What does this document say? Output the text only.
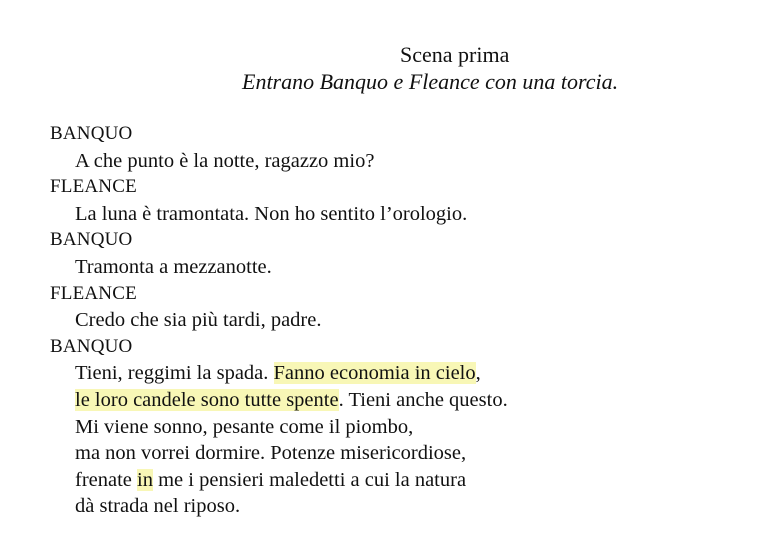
Scena prima
Entrano Banquo e Fleance con una torcia.
BANQUO
A che punto è la notte, ragazzo mio?
FLEANCE
La luna è tramontata. Non ho sentito l’orologio.
BANQUO
Tramonta a mezzanotte.
FLEANCE
Credo che sia più tardi, padre.
BANQUO
Tieni, reggimi la spada. Fanno economia in cielo,
le loro candele sono tutte spente. Tieni anche questo.
Mi viene sonno, pesante come il piombo,
ma non vorrei dormire. Potenze misericordiose,
frenate in me i pensieri maledetti a cui la natura
dà strada nel riposo.
